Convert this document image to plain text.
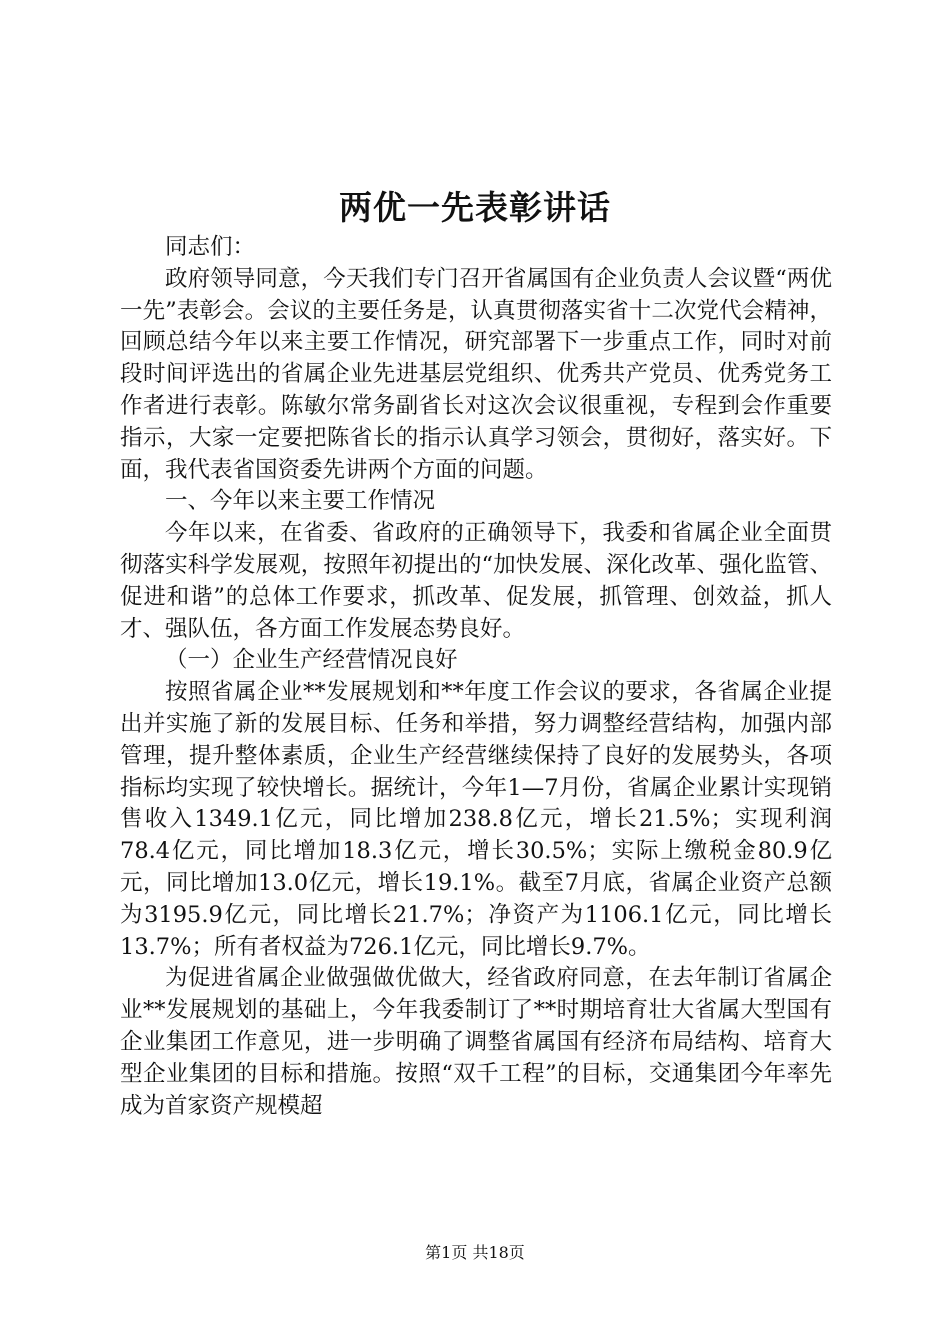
两优一先表彰讲话

同志们：

政府领导同意，今天我们专门召开省属国有企业负责人会议暨“两优一先”表彰会。会议的主要任务是，认真贯彻落实省十二次党代会精神，回顾总结今年以来主要工作情况，研究部署下一步重点工作，同时对前段时间评选出的省属企业先进基层党组织、优秀共产党员、优秀党务工作者进行表彰。陈敏尔常务副省长对这次会议很重视，专程到会作重要指示，大家一定要把陈省长的指示认真学习领会，贯彻好，落实好。下面，我代表省国资委先讲两个方面的问题。

一、今年以来主要工作情况

今年以来，在省委、省政府的正确领导下，我委和省属企业全面贯彻落实科学发展观，按照年初提出的“加快发展、深化改革、强化监管、促进和谐”的总体工作要求，抓改革、促发展，抓管理、创效益，抓人才、强队伍，各方面工作发展态势良好。

（一）企业生产经营情况良好

按照省属企业**发展规划和**年度工作会议的要求，各省属企业提出并实施了新的发展目标、任务和举措，努力调整经营结构，加强内部管理，提升整体素质，企业生产经营继续保持了良好的发展势头，各项指标均实现了较快增长。据统计，今年1—7月份，省属企业累计实现销售收入1349.1亿元，同比增加238.8亿元，增长21.5%；实现利润78.4亿元，同比增加18.3亿元，增长30.5%；实际上缴税金80.9亿元，同比增加13.0亿元，增长19.1%。截至7月底，省属企业资产总额为3195.9亿元，同比增长21.7%；净资产为1106.1亿元，同比增长13.7%；所有者权益为726.1亿元，同比增长9.7%。

为促进省属企业做强做优做大，经省政府同意，在去年制订省属企业**发展规划的基础上，今年我委制订了**时期培育壮大省属大型国有企业集团工作意见，进一步明确了调整省属国有经济布局结构、培育大型企业集团的目标和措施。按照“双千工程”的目标，交通集团今年率先成为首家资产规模超

第1页 共18页
